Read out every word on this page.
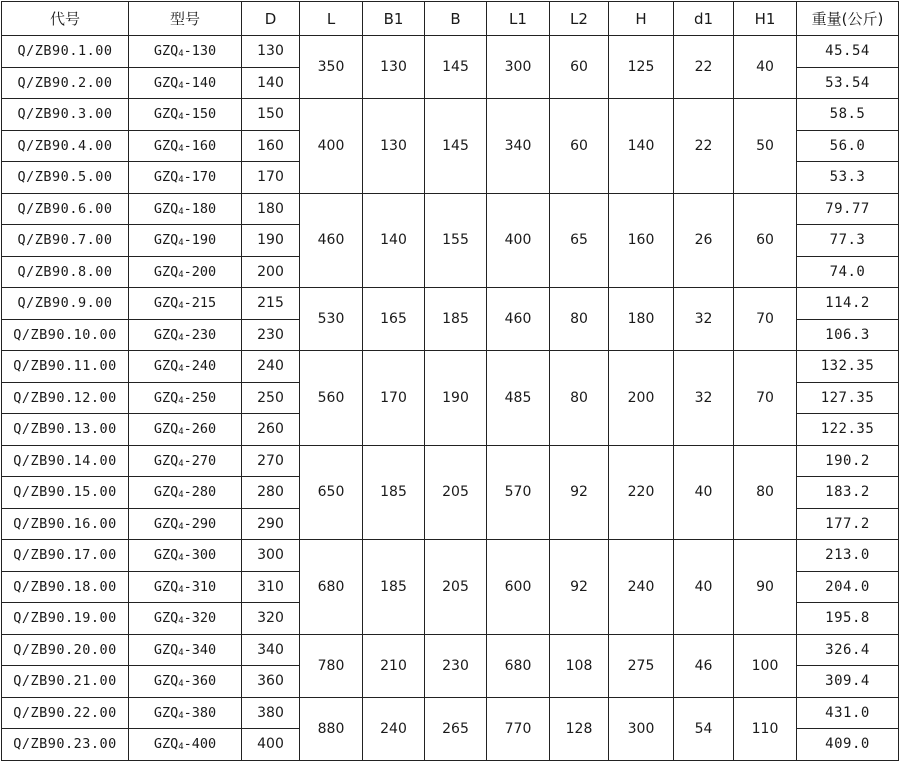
代号	型号	D	L	B1	B	L1	L2	H	d1	H1	重量(公斤)
Q/ZB90.1.00	$GZQ_4-130$	130	350	130	145	300	60	125	22	40	45.54
Q/ZB90.2.00	$GZQ_4-140$	140									53.54
Q/ZB90.3.00	$GZQ_4-150$	150	400	130	145	340	60	140	22	50	58.5
Q/ZB90.4.00	$GZQ_4-160$	160									56.0
Q/ZB90.5.00	$GZQ_4-170$	170									53.3
Q/ZB90.6.00	$GZQ_4-180$	180	460	140	155	400	65	160	26	60	79.77
Q/ZB90.7.00	$GZQ_4-190$	190									77.3
Q/ZB90.8.00	$GZQ_4-200$	200									74.0
Q/ZB90.9.00	$GZQ_4-215$	215	530	165	185	460	80	180	32	70	114.2
Q/ZB90.10.00	$GZQ_4-230$	230									106.3
Q/ZB90.11.00	$GZQ_4-240$	240	560	170	190	485	80	200	32	70	132.35
Q/ZB90.12.00	$GZQ_4-250$	250									127.35
Q/ZB90.13.00	$GZQ_4-260$	260									122.35
Q/ZB90.14.00	$GZQ_4-270$	270	650	185	205	570	92	220	40	80	190.2
Q/ZB90.15.00	$GZQ_4-280$	280									183.2
Q/ZB90.16.00	$GZQ_4-290$	290									177.2
Q/ZB90.17.00	$GZQ_4-300$	300	680	185	205	600	92	240	40	90	213.0
Q/ZB90.18.00	$GZQ_4-310$	310									204.0
Q/ZB90.19.00	$GZQ_4-320$	320									195.8
Q/ZB90.20.00	$GZQ_4-340$	340	780	210	230	680	108	275	46	100	326.4
Q/ZB90.21.00	$GZQ_4-360$	360									309.4
Q/ZB90.22.00	$GZQ_4-380$	380	880	240	265	770	128	300	54	110	431.0
Q/ZB90.23.00	$GZQ_4-400$	400									409.0
